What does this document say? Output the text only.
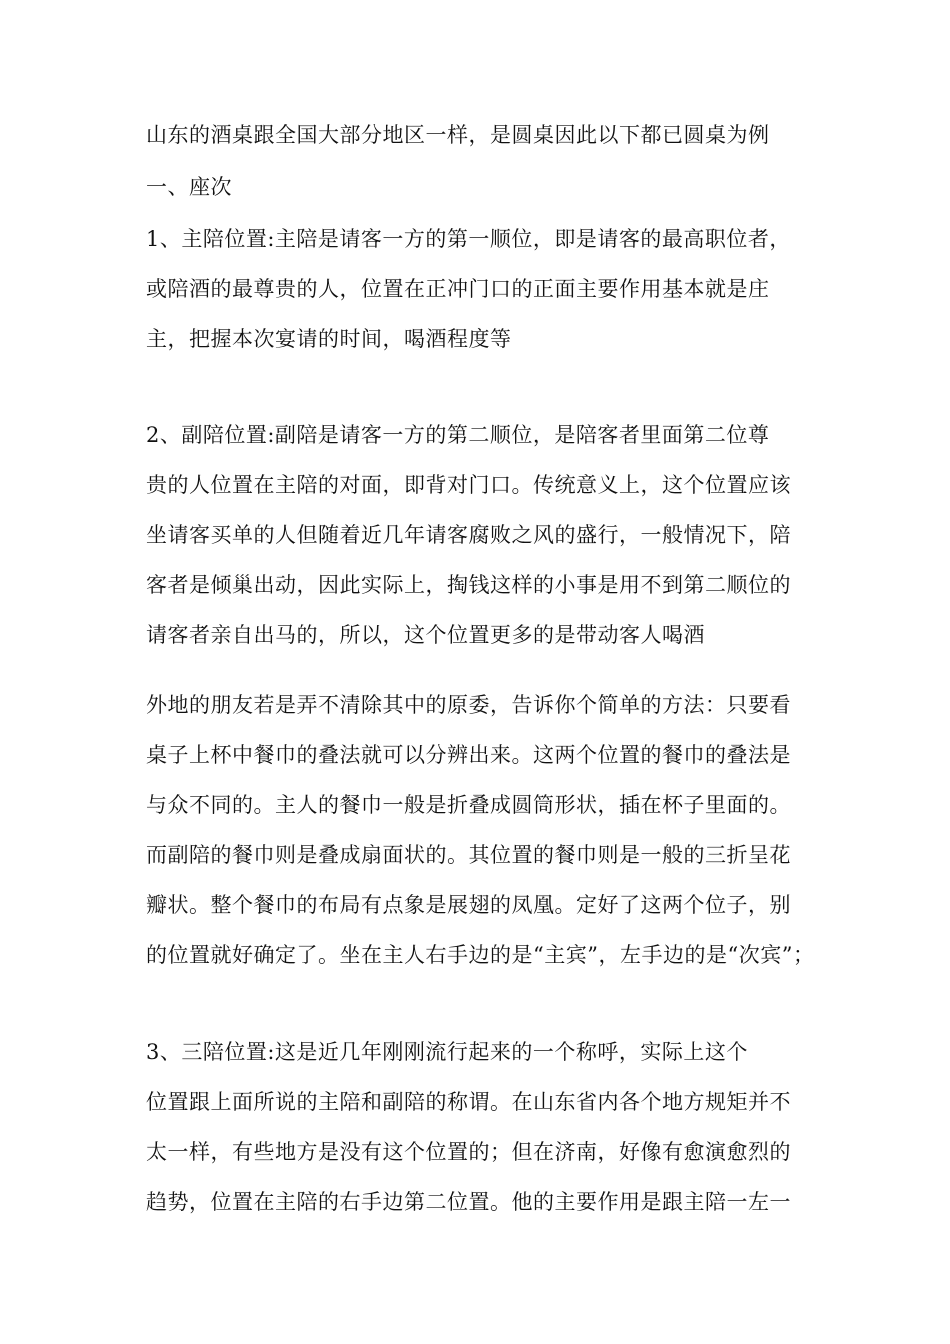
山东的酒桌跟全国大部分地区一样，是圆桌因此以下都已圆桌为例
一、座次
1、主陪位置:主陪是请客一方的第一顺位，即是请客的最高职位者，
或陪酒的最尊贵的人，位置在正冲门口的正面主要作用基本就是庄
主，把握本次宴请的时间，喝酒程度等
2、副陪位置:副陪是请客一方的第二顺位，是陪客者里面第二位尊
贵的人位置在主陪的对面，即背对门口。传统意义上，这个位置应该
坐请客买单的人但随着近几年请客腐败之风的盛行，一般情况下，陪
客者是倾巢出动，因此实际上，掏钱这样的小事是用不到第二顺位的
请客者亲自出马的，所以，这个位置更多的是带动客人喝酒
外地的朋友若是弄不清除其中的原委，告诉你个简单的方法：只要看
桌子上杯中餐巾的叠法就可以分辨出来。这两个位置的餐巾的叠法是
与众不同的。主人的餐巾一般是折叠成圆筒形状，插在杯子里面的。
而副陪的餐巾则是叠成扇面状的。其位置的餐巾则是一般的三折呈花
瓣状。整个餐巾的布局有点象是展翅的凤凰。定好了这两个位子，别
的位置就好确定了。坐在主人右手边的是“主宾”，左手边的是“次宾”；
3、三陪位置:这是近几年刚刚流行起来的一个称呼，实际上这个
位置跟上面所说的主陪和副陪的称谓。在山东省内各个地方规矩并不
太一样，有些地方是没有这个位置的；但在济南，好像有愈演愈烈的
趋势，位置在主陪的右手边第二位置。他的主要作用是跟主陪一左一
